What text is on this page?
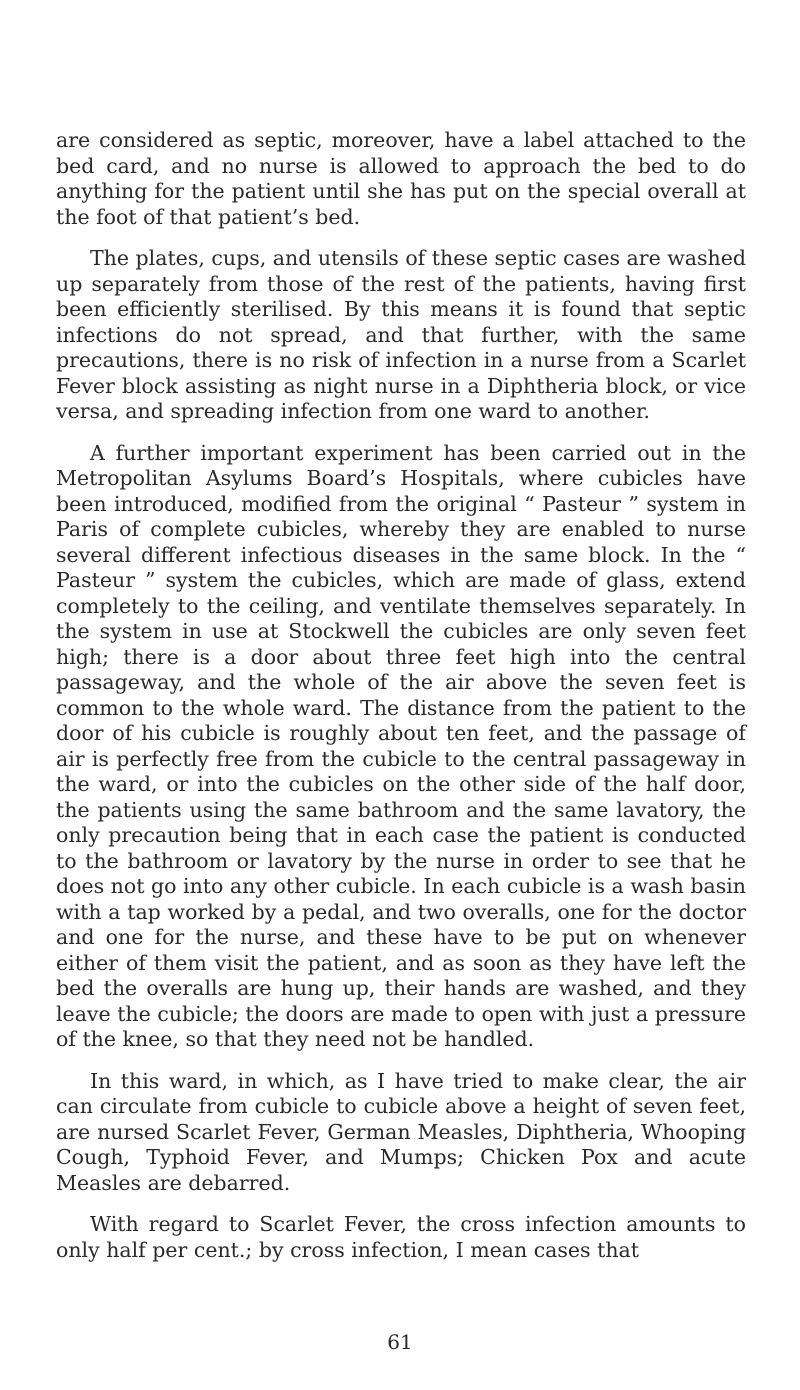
are considered as septic, moreover, have a label attached to the bed card, and no nurse is allowed to approach the bed to do anything for the patient until she has put on the special overall at the foot of that patient’s bed.

The plates, cups, and utensils of these septic cases are washed up separately from those of the rest of the patients, having first been efficiently sterilised. By this means it is found that septic infections do not spread, and that further, with the same precautions, there is no risk of infection in a nurse from a Scarlet Fever block assisting as night nurse in a Diphtheria block, or vice versa, and spreading infection from one ward to another.

A further important experiment has been carried out in the Metropolitan Asylums Board’s Hospitals, where cubicles have been introduced, modified from the original “ Pasteur ” system in Paris of complete cubicles, whereby they are enabled to nurse several different infectious diseases in the same block. In the “ Pasteur ” system the cubicles, which are made of glass, extend completely to the ceiling, and ventilate themselves separately. In the system in use at Stockwell the cubicles are only seven feet high; there is a door about three feet high into the central passageway, and the whole of the air above the seven feet is common to the whole ward. The distance from the patient to the door of his cubicle is roughly about ten feet, and the passage of air is perfectly free from the cubicle to the central passageway in the ward, or into the cubicles on the other side of the half door, the patients using the same bathroom and the same lavatory, the only precaution being that in each case the patient is conducted to the bathroom or lavatory by the nurse in order to see that he does not go into any other cubicle. In each cubicle is a wash basin with a tap worked by a pedal, and two overalls, one for the doctor and one for the nurse, and these have to be put on whenever either of them visit the patient, and as soon as they have left the bed the overalls are hung up, their hands are washed, and they leave the cubicle; the doors are made to open with just a pressure of the knee, so that they need not be handled.

In this ward, in which, as I have tried to make clear, the air can circulate from cubicle to cubicle above a height of seven feet, are nursed Scarlet Fever, German Measles, Diphtheria, Whooping Cough, Typhoid Fever, and Mumps; Chicken Pox and acute Measles are debarred.

With regard to Scarlet Fever, the cross infection amounts to only half per cent.; by cross infection, I mean cases that

61
